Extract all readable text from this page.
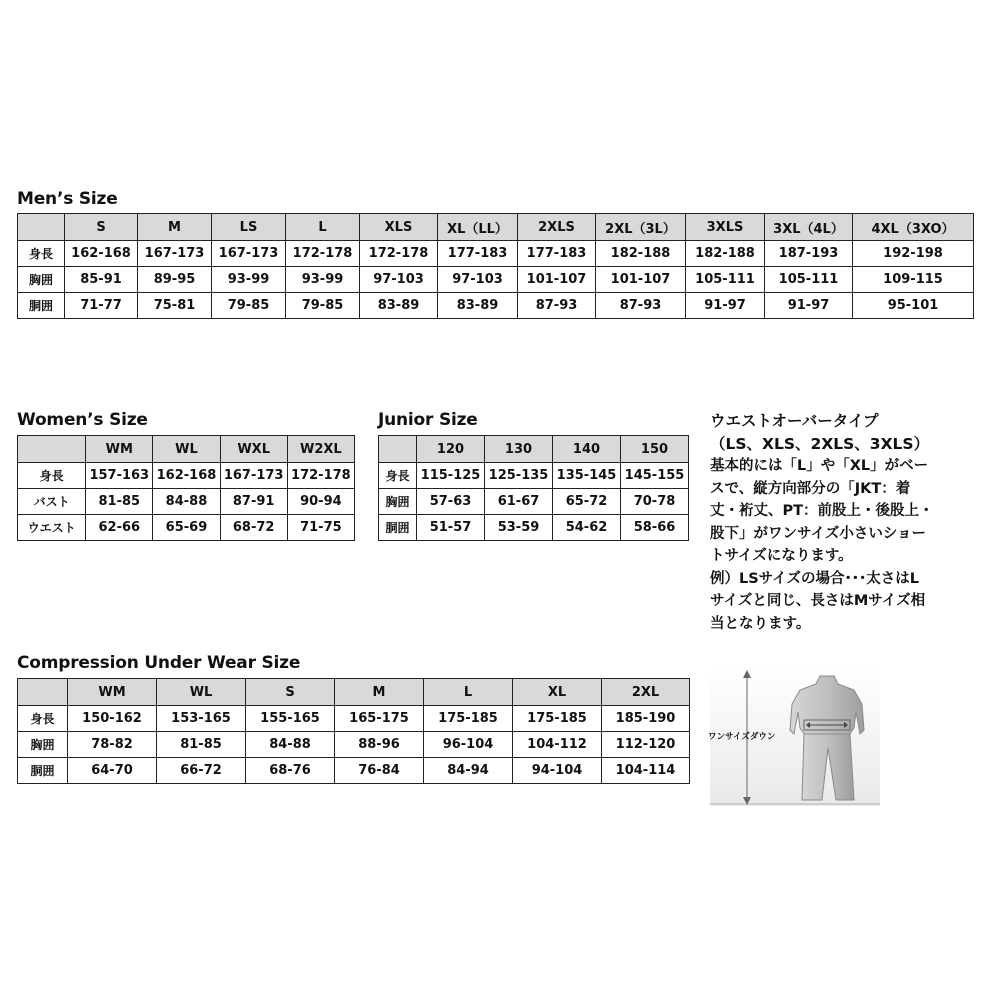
Men’s Size
	S	M	LS	L	XLS	XL（LL）	2XLS	2XL（3L）	3XLS	3XL（4L）	4XL（3XO）
身長	162-168	167-173	167-173	172-178	172-178	177-183	177-183	182-188	182-188	187-193	192-198
胸囲	85-91	89-95	93-99	93-99	97-103	97-103	101-107	101-107	105-111	105-111	109-115
胴囲	71-77	75-81	79-85	79-85	83-89	83-89	87-93	87-93	91-97	91-97	95-101
Women’s Size
	WM	WL	WXL	W2XL
身長	157-163	162-168	167-173	172-178
バスト	81-85	84-88	87-91	90-94
ウエスト	62-66	65-69	68-72	71-75
Junior Size
	120	130	140	150
身長	115-125	125-135	135-145	145-155
胸囲	57-63	61-67	65-72	70-78
胴囲	51-57	53-59	54-62	58-66
Compression Under Wear Size
	WM	WL	S	M	L	XL	2XL
身長	150-162	153-165	155-165	165-175	175-185	175-185	185-190
胸囲	78-82	81-85	84-88	88-96	96-104	104-112	112-120
胴囲	64-70	66-72	68-76	76-84	84-94	94-104	104-114

ウエストオーバータイプ

（LS、XLS、2XLS、3XLS）

基本的には「L」や「XL」がベー

スで、縦方向部分の「JKT：着

丈・裄丈、PT：前股上・後股上・

股下」がワンサイズ小さいショー

トサイズになります。

例）LSサイズの場合･･･太さはL

サイズと同じ、長さはMサイズ相

当となります。

ワンサイズダウン
